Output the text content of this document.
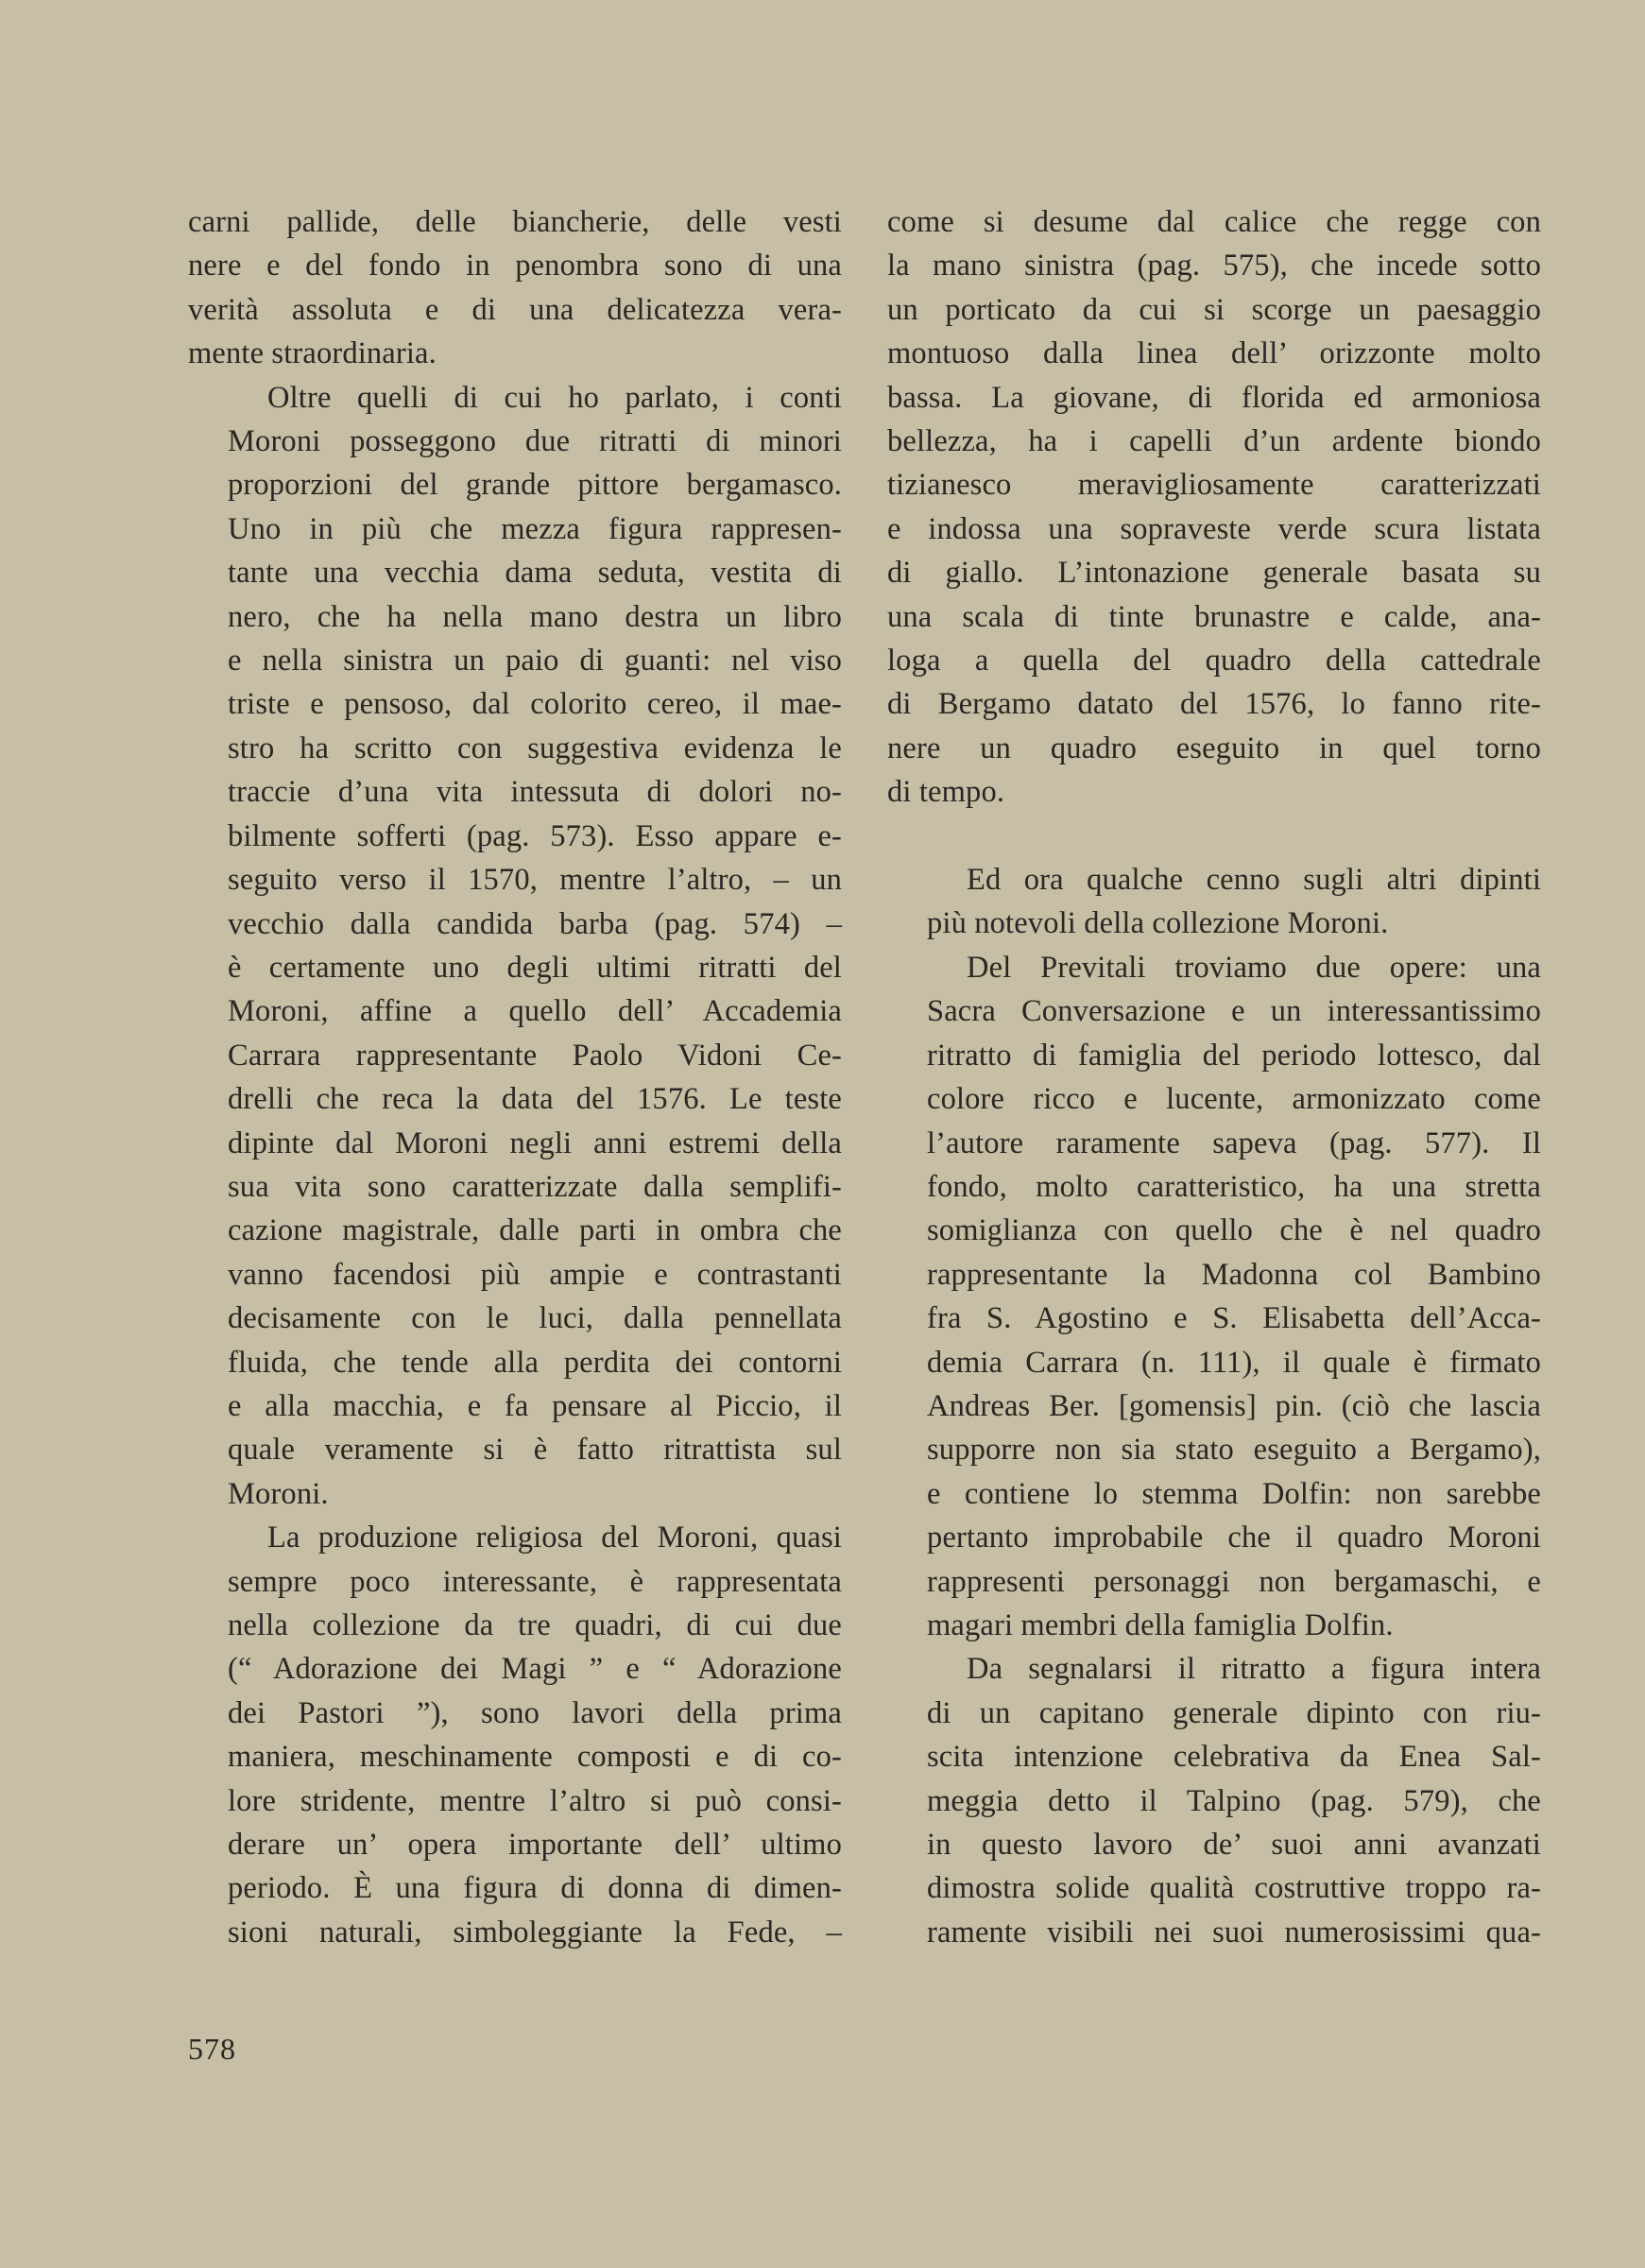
carni pallide, delle biancherie, delle vesti
nere e del fondo in penombra sono di una
verità assoluta e di una delicatezza vera-
mente straordinaria.

Oltre quelli di cui ho parlato, i conti
Moroni posseggono due ritratti di minori
proporzioni del grande pittore bergamasco.
Uno in più che mezza figura rappresen-
tante una vecchia dama seduta, vestita di
nero, che ha nella mano destra un libro
e nella sinistra un paio di guanti: nel viso
triste e pensoso, dal colorito cereo, il mae-
stro ha scritto con suggestiva evidenza le
traccie d’una vita intessuta di dolori no-
bilmente sofferti (pag. 573). Esso appare e-
seguito verso il 1570, mentre l’altro, – un
vecchio dalla candida barba (pag. 574) –
è certamente uno degli ultimi ritratti del
Moroni, affine a quello dell’ Accademia
Carrara rappresentante Paolo Vidoni Ce-
drelli che reca la data del 1576. Le teste
dipinte dal Moroni negli anni estremi della
sua vita sono caratterizzate dalla semplifi-
cazione magistrale, dalle parti in ombra che
vanno facendosi più ampie e contrastanti
decisamente con le luci, dalla pennellata
fluida, che tende alla perdita dei contorni
e alla macchia, e fa pensare al Piccio, il
quale veramente si è fatto ritrattista sul
Moroni.

La produzione religiosa del Moroni, quasi
sempre poco interessante, è rappresentata
nella collezione da tre quadri, di cui due
(“ Adorazione dei Magi ” e “ Adorazione
dei Pastori ”), sono lavori della prima
maniera, meschinamente composti e di co-
lore stridente, mentre l’altro si può consi-
derare un’ opera importante dell’ ultimo
periodo. È una figura di donna di dimen-
sioni naturali, simboleggiante la Fede, –

come si desume dal calice che regge con
la mano sinistra (pag. 575), che incede sotto
un porticato da cui si scorge un paesaggio
montuoso dalla linea dell’ orizzonte molto
bassa. La giovane, di florida ed armoniosa
bellezza, ha i capelli d’un ardente biondo
tizianesco meravigliosamente caratterizzati
e indossa una sopraveste verde scura listata
di giallo. L’intonazione generale basata su
una scala di tinte brunastre e calde, ana-
loga a quella del quadro della cattedrale
di Bergamo datato del 1576, lo fanno rite-
nere un quadro eseguito in quel torno
di tempo.

Ed ora qualche cenno sugli altri dipinti
più notevoli della collezione Moroni.

Del Previtali troviamo due opere: una
Sacra Conversazione e un interessantissimo
ritratto di famiglia del periodo lottesco, dal
colore ricco e lucente, armonizzato come
l’autore raramente sapeva (pag. 577). Il
fondo, molto caratteristico, ha una stretta
somiglianza con quello che è nel quadro
rappresentante la Madonna col Bambino
fra S. Agostino e S. Elisabetta dell’Acca-
demia Carrara (n. 111), il quale è firmato
Andreas Ber. [gomensis] pin. (ciò che lascia
supporre non sia stato eseguito a Bergamo),
e contiene lo stemma Dolfin: non sarebbe
pertanto improbabile che il quadro Moroni
rappresenti personaggi non bergamaschi, e
magari membri della famiglia Dolfin.

Da segnalarsi il ritratto a figura intera
di un capitano generale dipinto con riu-
scita intenzione celebrativa da Enea Sal-
meggia detto il Talpino (pag. 579), che
in questo lavoro de’ suoi anni avanzati
dimostra solide qualità costruttive troppo ra-
ramente visibili nei suoi numerosissimi qua-

578
